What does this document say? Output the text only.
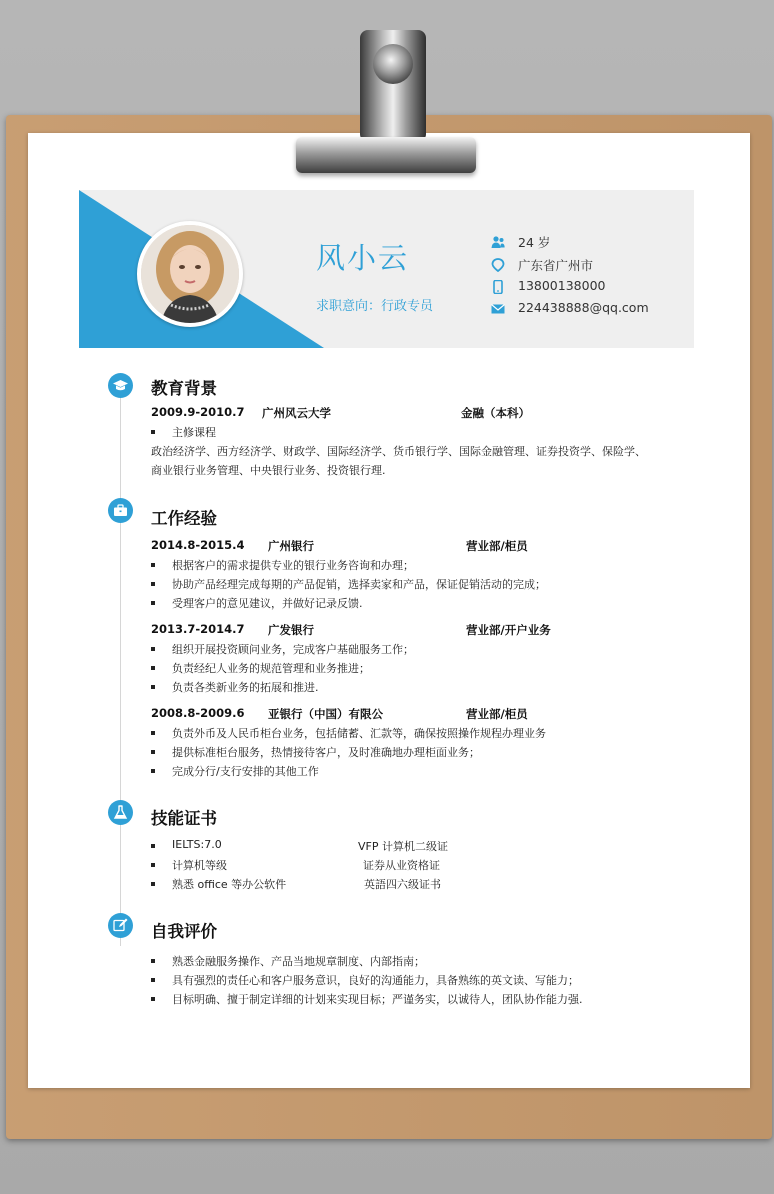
风小云
求职意向：行政专员
24 岁
广东省广州市
13800138000
224438888@qq.com
教育背景
2009.9-2010.7 广州风云大学	金融（本科）
主修课程
政治经济学、西方经济学、财政学、国际经济学、货币银行学、国际金融管理、证券投资学、保险学、
商业银行业务管理、中央银行业务、投资银行理.
工作经验
2014.8-2015.4 广州银行	营业部/柜员
根据客户的需求提供专业的银行业务咨询和办理；
协助产品经理完成每期的产品促销，选择卖家和产品，保证促销活动的完成；
受理客户的意见建议，并做好记录反馈.
2013.7-2014.7 广发银行	营业部/开户业务
组织开展投资顾问业务，完成客户基础服务工作；
负责经纪人业务的规范管理和业务推进；
负责各类新业务的拓展和推进.
2008.8-2009.6 亚银行（中国）有限公	营业部/柜员
负责外币及人民币柜台业务，包括储蓄、汇款等，确保按照操作规程办理业务
提供标准柜台服务，热情接待客户，及时准确地办理柜面业务；
完成分行/支行安排的其他工作
技能证书
IELTS:7.0	VFP 计算机二级证
计算机等级	证券从业资格证
熟悉 office 等办公软件	英語四六级证书
自我评价
熟悉金融服务操作、产品当地规章制度、内部指南；
具有强烈的责任心和客户服务意识，良好的沟通能力，具备熟练的英文读、写能力；
目标明确、擅于制定详细的计划来实现目标；严谨务实，以诚待人，团队协作能力强.
